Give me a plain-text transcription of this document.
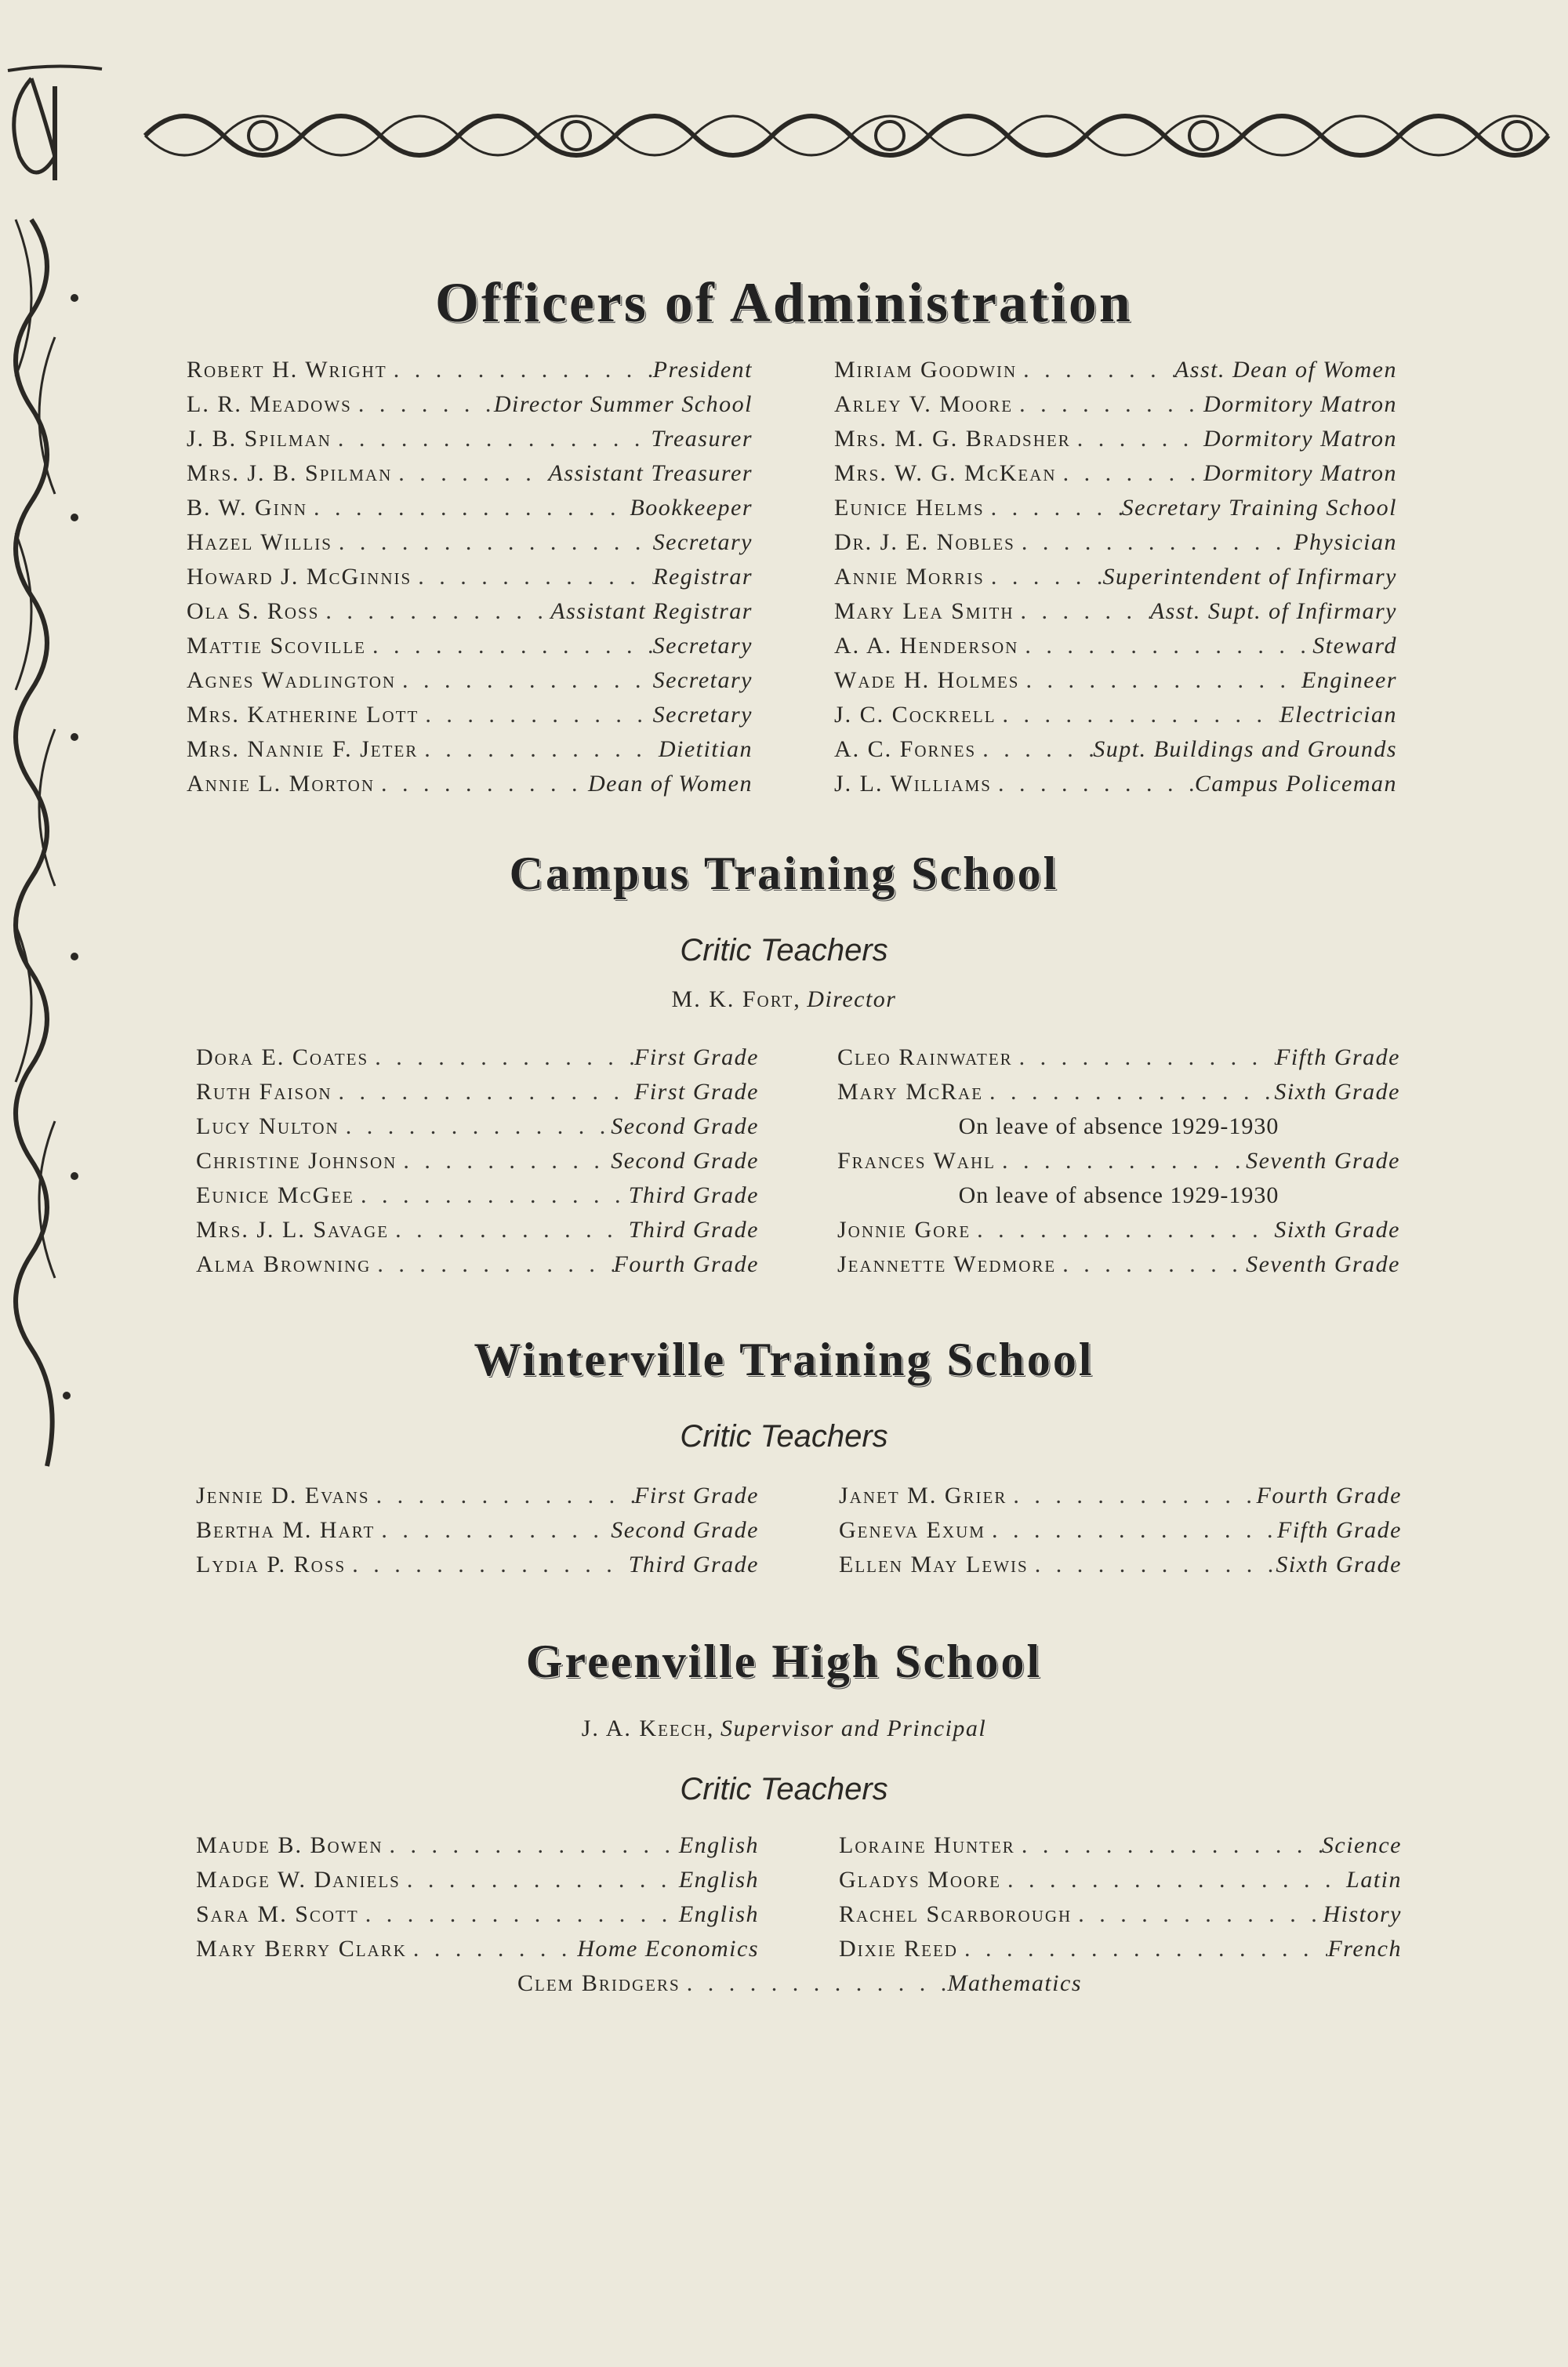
Officers of Administration
Robert H. Wright . . .	President
L. R. Meadows . . .	Director Summer School
J. B. Spilman . . .	Treasurer
Mrs. J. B. Spilman . . .	Assistant Treasurer
B. W. Ginn . . .	Bookkeeper
Hazel Willis . . .	Secretary
Howard J. McGinnis . . .	Registrar
Ola S. Ross . . .	Assistant Registrar
Mattie Scoville . . .	Secretary
Agnes Wadlington . . .	Secretary
Mrs. Katherine Lott . . .	Secretary
Mrs. Nannie F. Jeter . . .	Dietitian
Annie L. Morton . . .	Dean of Women
Miriam Goodwin . . .	Asst. Dean of Women
Arley V. Moore . . .	Dormitory Matron
Mrs. M. G. Bradsher . . .	Dormitory Matron
Mrs. W. G. McKean . . .	Dormitory Matron
Eunice Helms . . .	Secretary Training School
Dr. J. E. Nobles . . .	Physician
Annie Morris . . .	Superintendent of Infirmary
Mary Lea Smith . . .	Asst. Supt. of Infirmary
A. A. Henderson . . .	Steward
Wade H. Holmes . . .	Engineer
J. C. Cockrell . . .	Electrician
A. C. Fornes . . .	Supt. Buildings and Grounds
J. L. Williams . . .	Campus Policeman
Campus Training School
Critic Teachers
M. K. Fort, Director
Dora E. Coates . . .	First Grade
Ruth Faison . . .	First Grade
Lucy Nulton . . .	Second Grade
Christine Johnson . . .	Second Grade
Eunice McGee . . .	Third Grade
Mrs. J. L. Savage . . .	Third Grade
Alma Browning . . .	Fourth Grade
Cleo Rainwater . . .	Fifth Grade
Mary McRae . . .	Sixth Grade
On leave of absence 1929-1930
Frances Wahl . . .	Seventh Grade
On leave of absence 1929-1930
Jonnie Gore . . .	Sixth Grade
Jeannette Wedmore . . .	Seventh Grade
Winterville Training School
Critic Teachers
Jennie D. Evans . . .	First Grade
Bertha M. Hart . . .	Second Grade
Lydia P. Ross . . .	Third Grade
Janet M. Grier . . .	Fourth Grade
Geneva Exum . . .	Fifth Grade
Ellen May Lewis . . .	Sixth Grade
Greenville High School
J. A. Keech, Supervisor and Principal
Critic Teachers
Maude B. Bowen . . .	English
Madge W. Daniels . . .	English
Sara M. Scott . . .	English
Mary Berry Clark . . .	Home Economics
Loraine Hunter . . .	Science
Gladys Moore . . .	Latin
Rachel Scarborough . . .	History
Dixie Reed . . .	French
Clem Bridgers . . .	Mathematics
